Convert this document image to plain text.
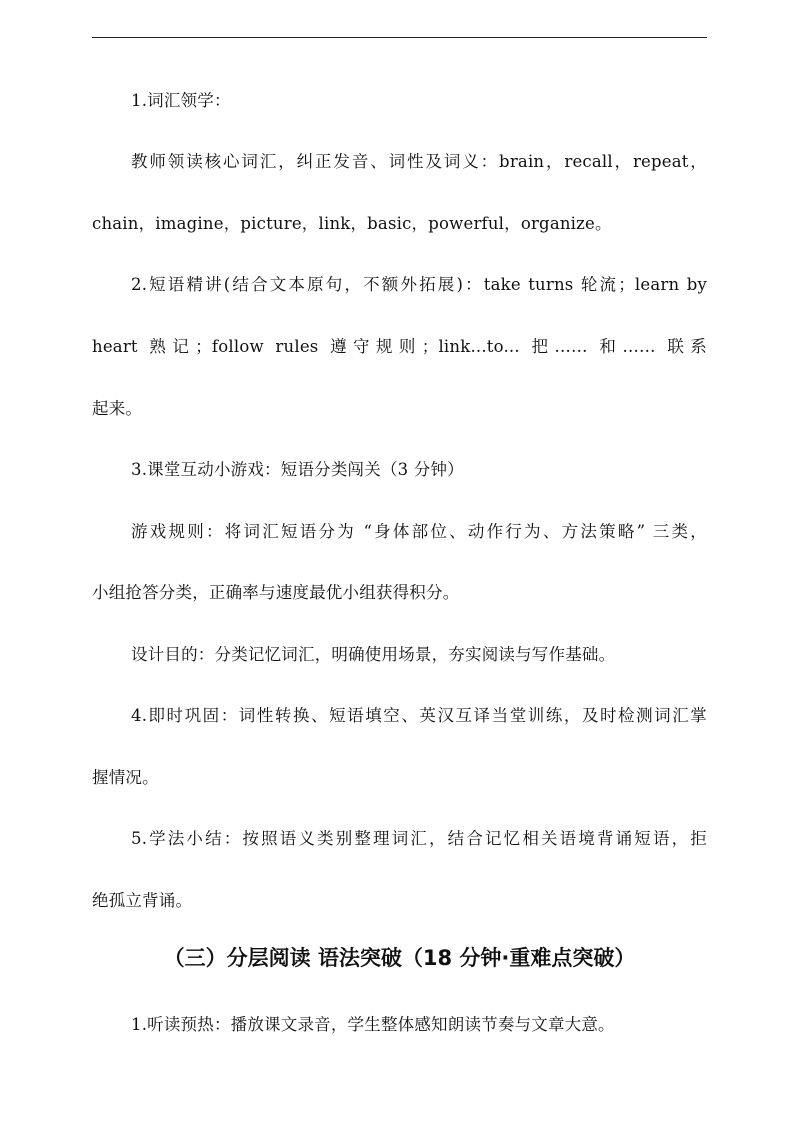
1.词汇领学：
教师领读核心词汇，纠正发音、词性及词义：brain，recall，repeat，
chain，imagine，picture，link，basic，powerful，organize。
2.短语精讲(结合文本原句，不额外拓展)：take turns 轮流；learn by
heart 熟记；follow rules 遵守规则；link...to... 把…… 和…… 联系
起来。
3.课堂互动小游戏：短语分类闯关（3 分钟）
游戏规则：将词汇短语分为 “身体部位、动作行为、方法策略” 三类，
小组抢答分类，正确率与速度最优小组获得积分。
设计目的：分类记忆词汇，明确使用场景，夯实阅读与写作基础。
4.即时巩固：词性转换、短语填空、英汉互译当堂训练，及时检测词汇掌
握情况。
5.学法小结：按照语义类别整理词汇，结合记忆相关语境背诵短语，拒
绝孤立背诵。
（三）分层阅读 语法突破（18 分钟·重难点突破）
1.听读预热：播放课文录音，学生整体感知朗读节奏与文章大意。
